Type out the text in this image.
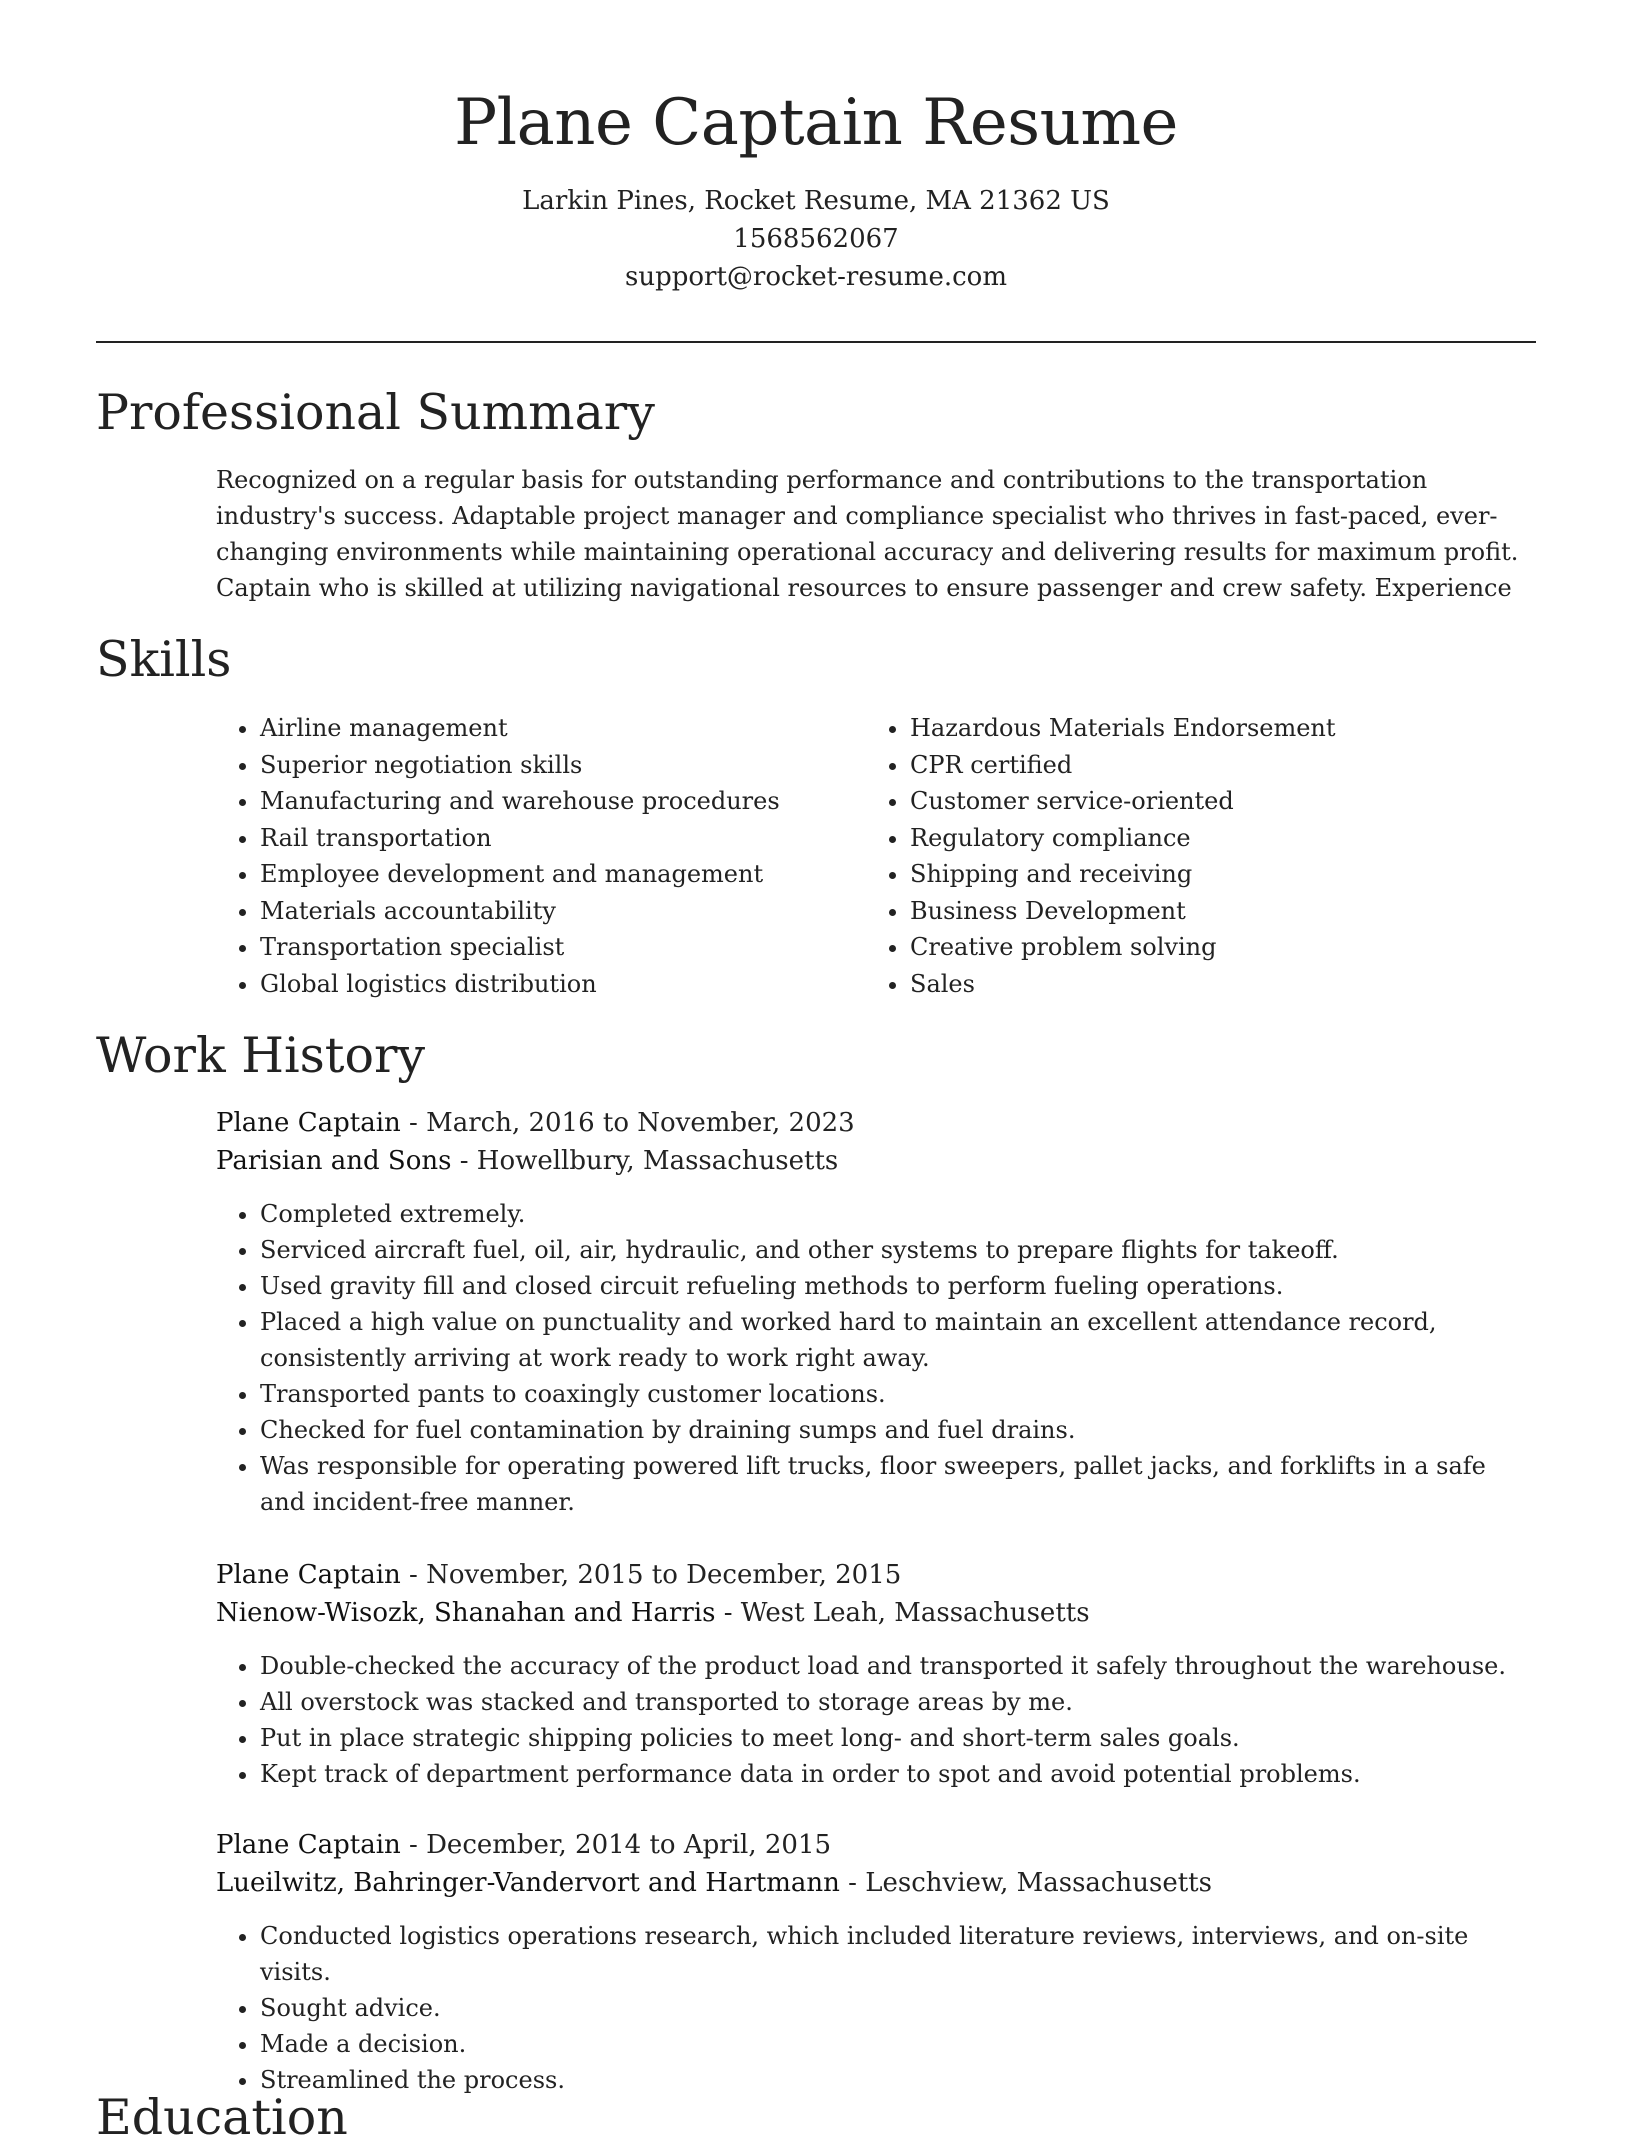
Plane Captain Resume

Larkin Pines, Rocket Resume, MA 21362 US

1568562067

support@rocket-resume.com

Professional Summary

Recognized on a regular basis for outstanding performance and contributions to the transportation industry's success. Adaptable project manager and compliance specialist who thrives in fast-paced, ever-changing environments while maintaining operational accuracy and delivering results for maximum profit. Captain who is skilled at utilizing navigational resources to ensure passenger and crew safety. Experience

Skills
• Airline management
• Superior negotiation skills
• Manufacturing and warehouse procedures
• Rail transportation
• Employee development and management
• Materials accountability
• Transportation specialist
• Global logistics distribution
• Hazardous Materials Endorsement
• CPR certified
• Customer service-oriented
• Regulatory compliance
• Shipping and receiving
• Business Development
• Creative problem solving
• Sales
Work History

Plane Captain - March, 2016 to November, 2023

Parisian and Sons - Howellbury, Massachusetts

• Completed extremely.
• Serviced aircraft fuel, oil, air, hydraulic, and other systems to prepare flights for takeoff.
• Used gravity fill and closed circuit refueling methods to perform fueling operations.
• Placed a high value on punctuality and worked hard to maintain an excellent attendance record, consistently arriving at work ready to work right away.
• Transported pants to coaxingly customer locations.
• Checked for fuel contamination by draining sumps and fuel drains.
• Was responsible for operating powered lift trucks, floor sweepers, pallet jacks, and forklifts in a safe and incident-free manner.

Plane Captain - November, 2015 to December, 2015

Nienow-Wisozk, Shanahan and Harris - West Leah, Massachusetts

• Double-checked the accuracy of the product load and transported it safely throughout the warehouse.
• All overstock was stacked and transported to storage areas by me.
• Put in place strategic shipping policies to meet long- and short-term sales goals.
• Kept track of department performance data in order to spot and avoid potential problems.

Plane Captain - December, 2014 to April, 2015

Lueilwitz, Bahringer-Vandervort and Hartmann - Leschview, Massachusetts

• Conducted logistics operations research, which included literature reviews, interviews, and on-site visits.
• Sought advice.
• Made a decision.
• Streamlined the process.
Education
